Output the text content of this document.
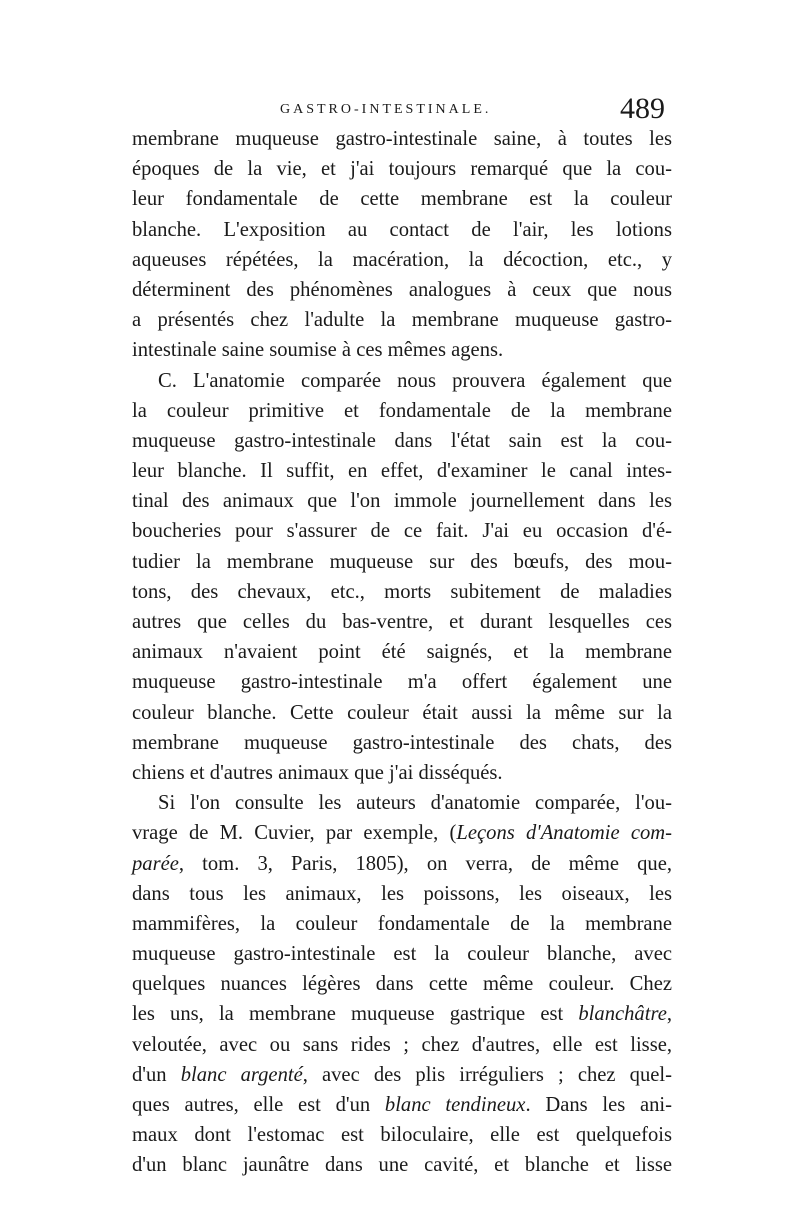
GASTRO-INTESTINALE.	489
membrane muqueuse gastro-intestinale saine, à toutes les
époques de la vie, et j'ai toujours remarqué que la cou-
leur fondamentale de cette membrane est la couleur
blanche. L'exposition au contact de l'air, les lotions
aqueuses répétées, la macération, la décoction, etc., y
déterminent des phénomènes analogues à ceux que nous
a présentés chez l'adulte la membrane muqueuse gastro-
intestinale saine soumise à ces mêmes agens.
C. L'anatomie comparée nous prouvera également que
la couleur primitive et fondamentale de la membrane
muqueuse gastro-intestinale dans l'état sain est la cou-
leur blanche. Il suffit, en effet, d'examiner le canal intes-
tinal des animaux que l'on immole journellement dans les
boucheries pour s'assurer de ce fait. J'ai eu occasion d'é-
tudier la membrane muqueuse sur des bœufs, des mou-
tons, des chevaux, etc., morts subitement de maladies
autres que celles du bas-ventre, et durant lesquelles ces
animaux n'avaient point été saignés, et la membrane
muqueuse gastro-intestinale m'a offert également une
couleur blanche. Cette couleur était aussi la même sur la
membrane muqueuse gastro-intestinale des chats, des
chiens et d'autres animaux que j'ai disséqués.
Si l'on consulte les auteurs d'anatomie comparée, l'ou-
vrage de M. Cuvier, par exemple, (Leçons d'Anatomie com-
parée, tom. 3, Paris, 1805), on verra, de même que,
dans tous les animaux, les poissons, les oiseaux, les
mammifères, la couleur fondamentale de la membrane
muqueuse gastro-intestinale est la couleur blanche, avec
quelques nuances légères dans cette même couleur. Chez
les uns, la membrane muqueuse gastrique est blanchâtre,
veloutée, avec ou sans rides ; chez d'autres, elle est lisse,
d'un blanc argenté, avec des plis irréguliers ; chez quel-
ques autres, elle est d'un blanc tendineux. Dans les ani-
maux dont l'estomac est biloculaire, elle est quelquefois
d'un blanc jaunâtre dans une cavité, et blanche et lisse
